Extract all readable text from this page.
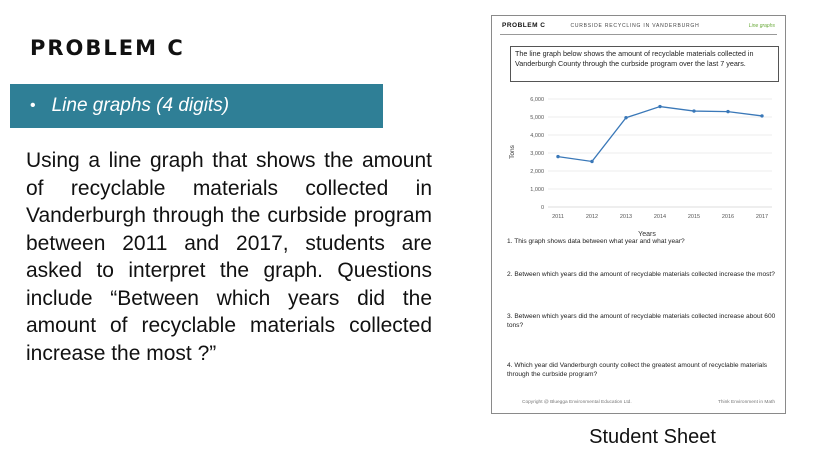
PROBLEM C
• Line graphs (4 digits)

Using a line graph that shows the amount of recyclable materials collected in Vanderburgh through the curbside program between 2011 and 2017, students are asked to interpret the graph. Questions include “Between which years did the amount of recyclable materials collected increase the most ?”

PROBLEM C	CURBSIDE RECYCLING IN VANDERBURGH	Line graphs
The line graph below shows the amount of recyclable materials collected in Vanderburgh County through the curbside program over the last 7 years.
0
1,000
2,000
3,000
4,000
5,000
6,000
2011	2012	2013	2014	2015	2016	2017
Tons
Years

1. This graph shows data between what year and what year?

2. Between which years did the amount of recyclable materials collected increase the most?

3. Between which years did the amount of recyclable materials collected increase about 600 tons?

4. Which year did Vanderburgh county collect the greatest amount of recyclable materials through the curbside program?

Copyright @ Bluegga Environmental Education Ltd.	Think Environment in Math

Student Sheet
